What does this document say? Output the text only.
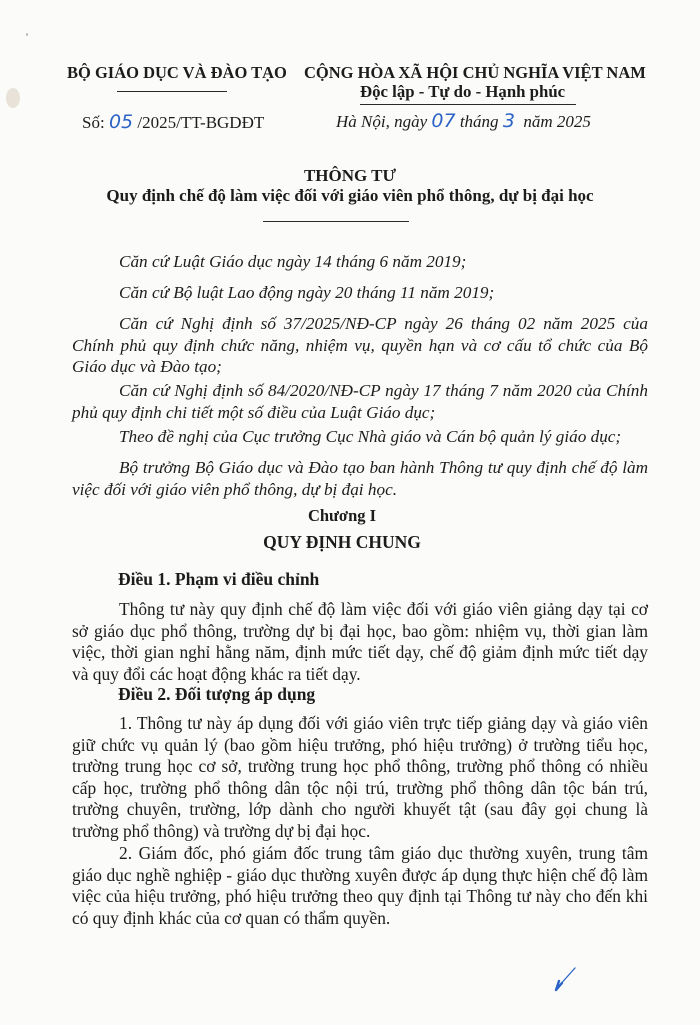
BỘ GIÁO DỤC VÀ ĐÀO TẠO
Số: 05 /2025/TT-BGDĐT
CỘNG HÒA XÃ HỘI CHỦ NGHĨA VIỆT NAM
Độc lập - Tự do - Hạnh phúc
Hà Nội, ngày 07 tháng 3 năm 2025
THÔNG TƯ
Quy định chế độ làm việc đối với giáo viên phổ thông, dự bị đại học
Căn cứ Luật Giáo dục ngày 14 tháng 6 năm 2019;
Căn cứ Bộ luật Lao động ngày 20 tháng 11 năm 2019;
Căn cứ Nghị định số 37/2025/NĐ-CP ngày 26 tháng 02 năm 2025 của Chính phủ quy định chức năng, nhiệm vụ, quyền hạn và cơ cấu tổ chức của Bộ Giáo dục và Đào tạo;
Căn cứ Nghị định số 84/2020/NĐ-CP ngày 17 tháng 7 năm 2020 của Chính phủ quy định chi tiết một số điều của Luật Giáo dục;
Theo đề nghị của Cục trưởng Cục Nhà giáo và Cán bộ quản lý giáo dục;
Bộ trưởng Bộ Giáo dục và Đào tạo ban hành Thông tư quy định chế độ làm việc đối với giáo viên phổ thông, dự bị đại học.
Chương I
QUY ĐỊNH CHUNG
Điều 1. Phạm vi điều chỉnh
Thông tư này quy định chế độ làm việc đối với giáo viên giảng dạy tại cơ sở giáo dục phổ thông, trường dự bị đại học, bao gồm: nhiệm vụ, thời gian làm việc, thời gian nghỉ hằng năm, định mức tiết dạy, chế độ giảm định mức tiết dạy và quy đổi các hoạt động khác ra tiết dạy.
Điều 2. Đối tượng áp dụng
1. Thông tư này áp dụng đối với giáo viên trực tiếp giảng dạy và giáo viên giữ chức vụ quản lý (bao gồm hiệu trưởng, phó hiệu trưởng) ở trường tiểu học, trường trung học cơ sở, trường trung học phổ thông, trường phổ thông có nhiều cấp học, trường phổ thông dân tộc nội trú, trường phổ thông dân tộc bán trú, trường chuyên, trường, lớp dành cho người khuyết tật (sau đây gọi chung là trường phổ thông) và trường dự bị đại học.
2. Giám đốc, phó giám đốc trung tâm giáo dục thường xuyên, trung tâm giáo dục nghề nghiệp - giáo dục thường xuyên được áp dụng thực hiện chế độ làm việc của hiệu trưởng, phó hiệu trưởng theo quy định tại Thông tư này cho đến khi có quy định khác của cơ quan có thẩm quyền.
